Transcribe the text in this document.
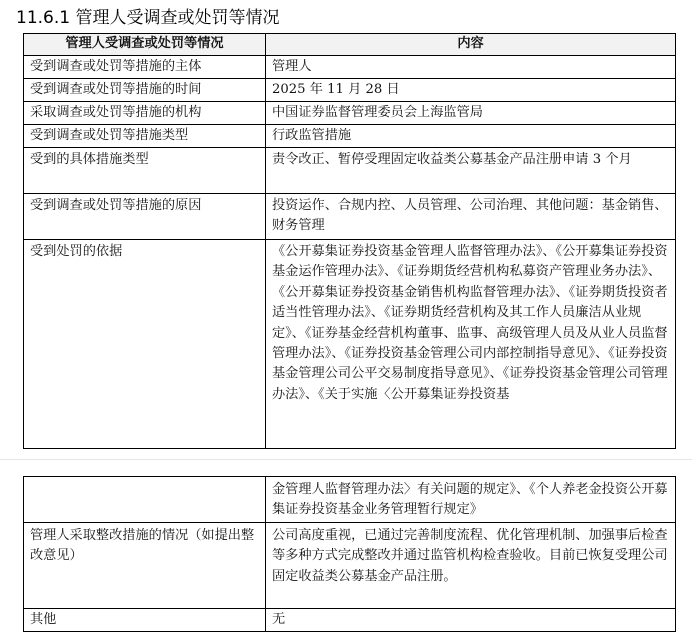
11.6.1 管理人受调查或处罚等情况
管理人受调查或处罚等情况	内容
受到调查或处罚等措施的主体	管理人
受到调查或处罚等措施的时间	2025 年 11 月 28 日
采取调查或处罚等措施的机构	中国证券监督管理委员会上海监管局
受到调查或处罚等措施类型	行政监管措施
受到的具体措施类型	责令改正、暂停受理固定收益类公募基金产品注册申请 3 个月
受到调查或处罚等措施的原因	投资运作、合规内控、人员管理、公司治理、其他问题：基金销售、财务管理
受到处罚的依据	《公开募集证券投资基金管理人监督管理办法》、《公开募集证券投资基金运作管理办法》、《证券期货经营机构私募资产管理业务办法》、《公开募集证券投资基金销售机构监督管理办法》、《证券期货投资者适当性管理办法》、《证券期货经营机构及其工作人员廉洁从业规定》、《证券基金经营机构董事、监事、高级管理人员及从业人员监督管理办法》、《证券投资基金管理公司内部控制指导意见》、《证券投资基金管理公司公平交易制度指导意见》、《证券投资基金管理公司管理办法》、《关于实施〈公开募集证券投资基
	金管理人监督管理办法〉有关问题的规定》、《个人养老金投资公开募集证券投资基金业务管理暂行规定》
管理人采取整改措施的情况（如提出整改意见）	公司高度重视，已通过完善制度流程、优化管理机制、加强事后检查等多种方式完成整改并通过监管机构检查验收。目前已恢复受理公司固定收益类公募基金产品注册。
其他	无
